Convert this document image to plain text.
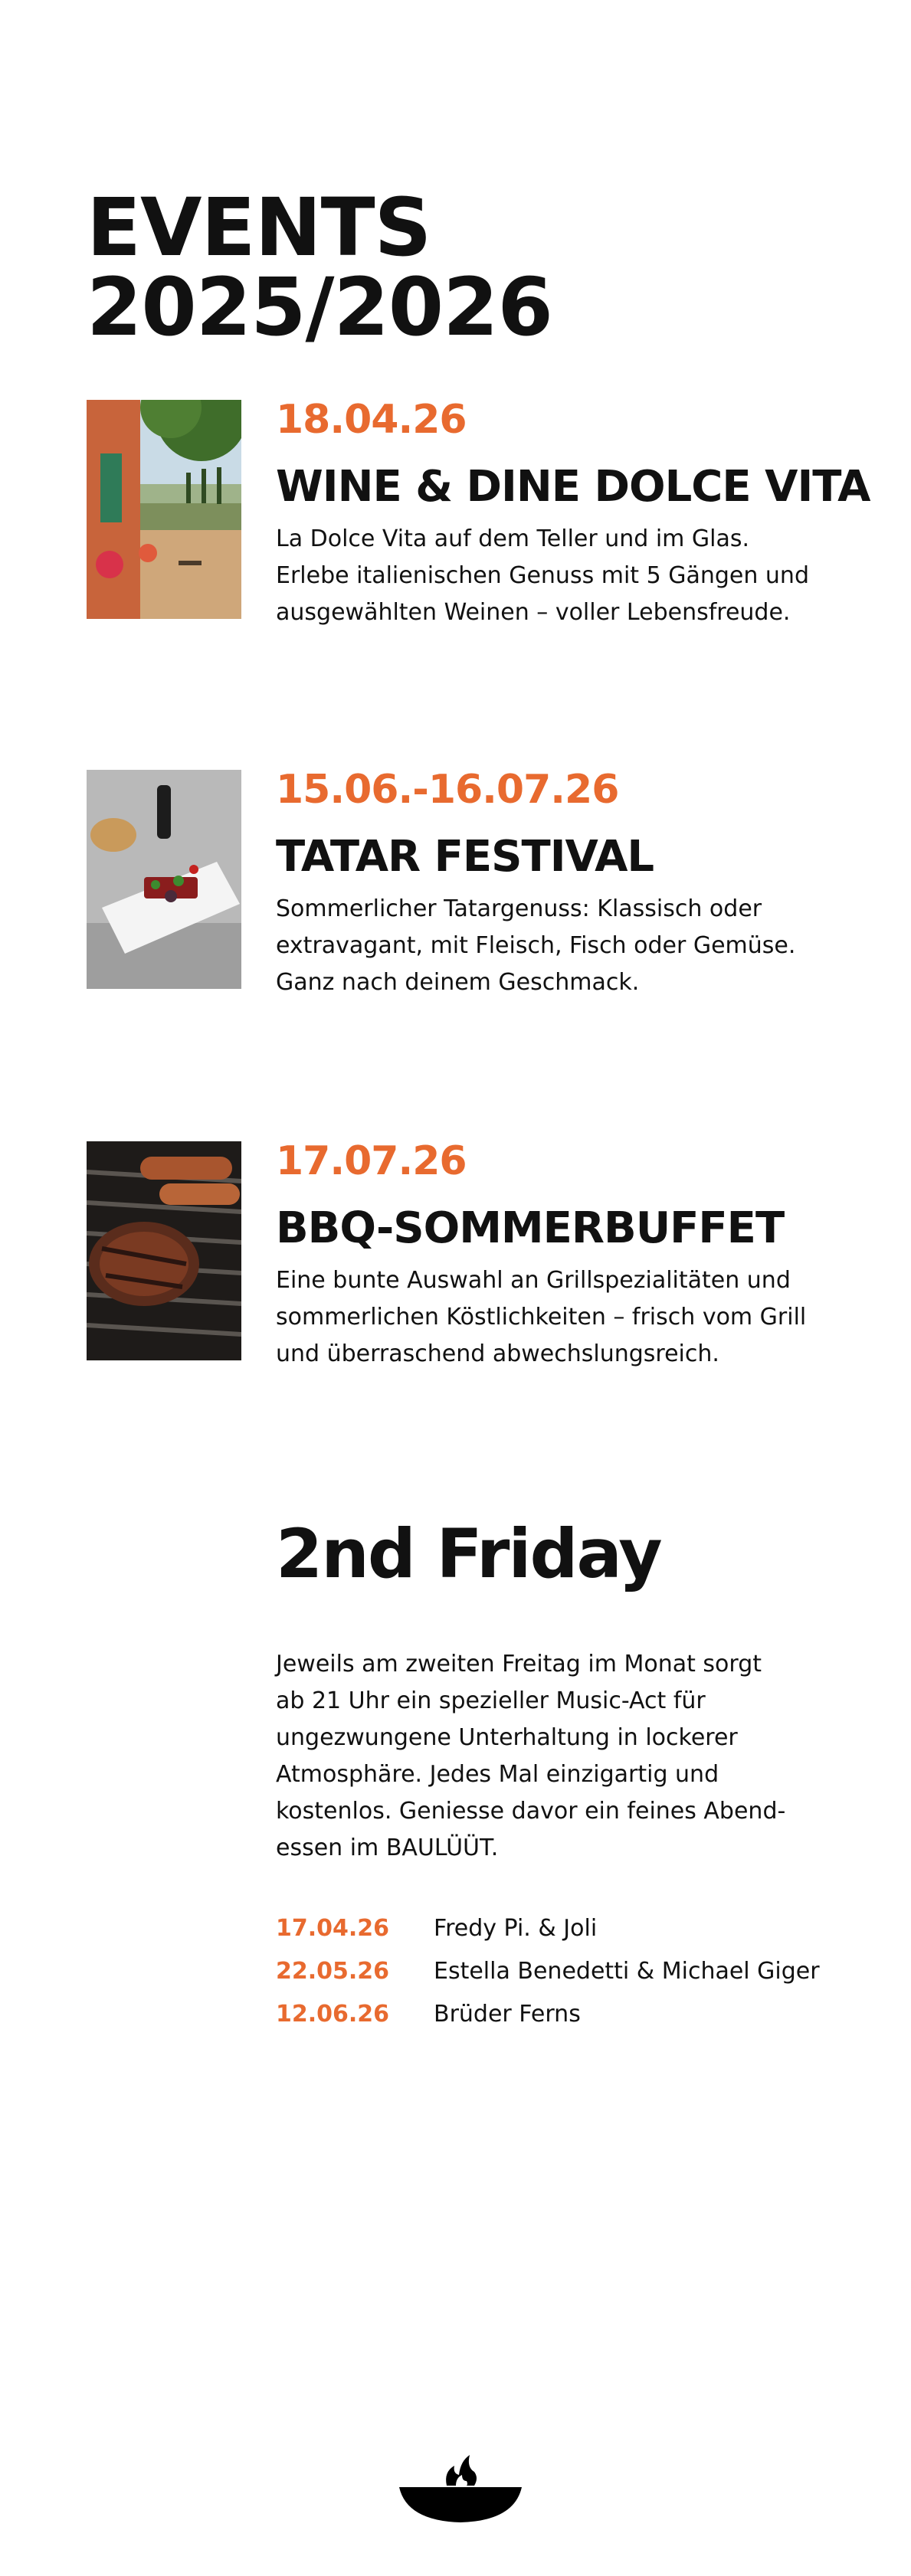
EVENTS 2025/2026

18.04.26

WINE & DINE DOLCE VITA

La Dolce Vita auf dem Teller und im Glas.
Erlebe italienischen Genuss mit 5 Gängen und
ausgewählten Weinen – voller Lebensfreude.

15.06.-16.07.26

TATAR FESTIVAL

Sommerlicher Tatargenuss: Klassisch oder
extravagant, mit Fleisch, Fisch oder Gemüse.
Ganz nach deinem Geschmack.

17.07.26

BBQ-SOMMERBUFFET

Eine bunte Auswahl an Grillspezialitäten und
sommerlichen Köstlichkeiten – frisch vom Grill
und überraschend abwechslungsreich.

2nd Friday

Jeweils am zweiten Freitag im Monat sorgt
ab 21 Uhr ein spezieller Music-Act für
ungezwungene Unterhaltung in lockerer
Atmosphäre. Jedes Mal einzigartig und
kostenlos. Geniesse davor ein feines Abend-
essen im BAULÜÜT.

17.04.26	Fredy Pi. & Joli
22.05.26	Estella Benedetti & Michael Giger
12.06.26	Brüder Ferns
